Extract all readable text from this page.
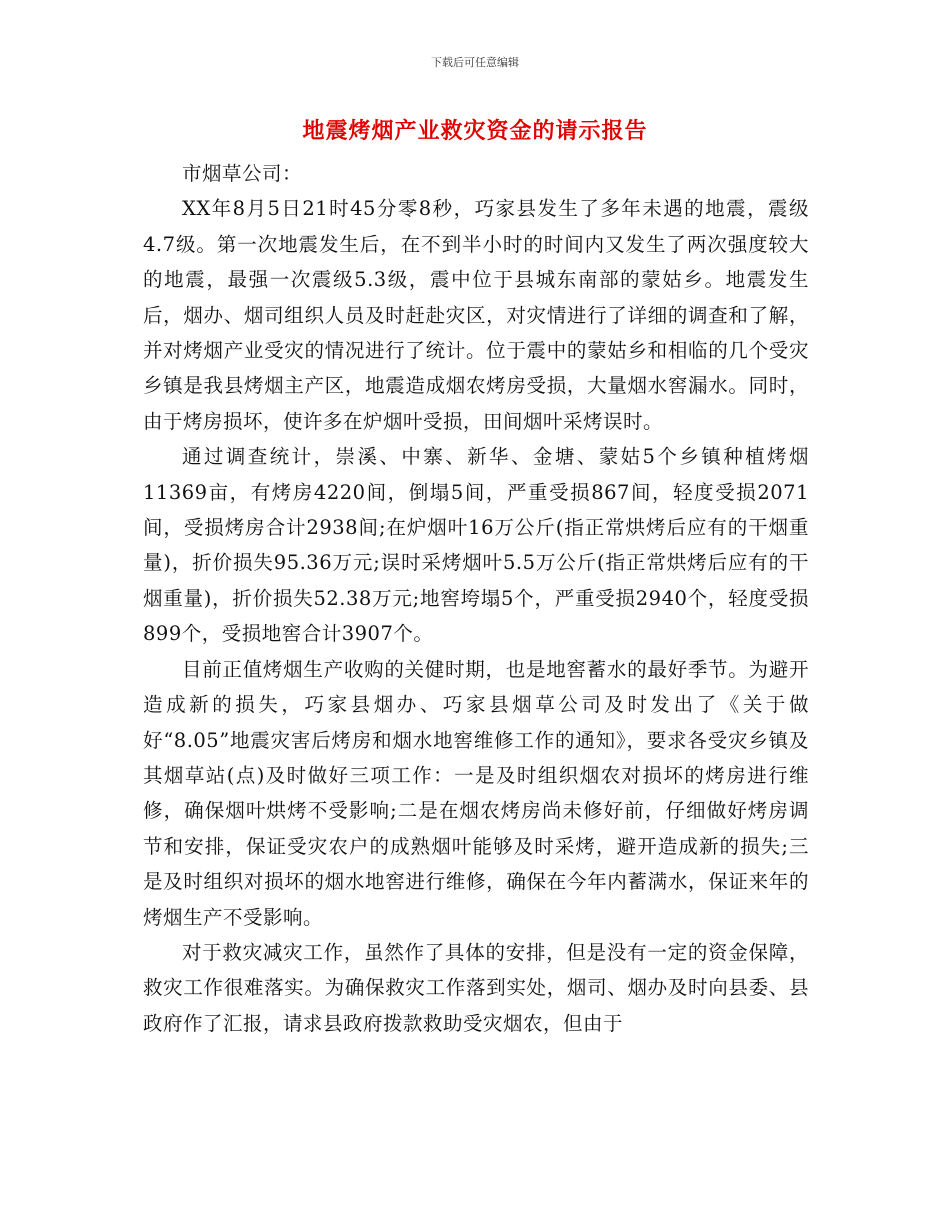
下载后可任意编辑
地震烤烟产业救灾资金的请示报告

市烟草公司：

XX年8月5日21时45分零8秒，巧家县发生了多年未遇的地震，震级4.7级。第一次地震发生后，在不到半小时的时间内又发生了两次强度较大的地震，最强一次震级5.3级，震中位于县城东南部的蒙姑乡。地震发生后，烟办、烟司组织人员及时赶赴灾区，对灾情进行了详细的调查和了解，并对烤烟产业受灾的情况进行了统计。位于震中的蒙姑乡和相临的几个受灾乡镇是我县烤烟主产区，地震造成烟农烤房受损，大量烟水窖漏水。同时，由于烤房损坏，使许多在炉烟叶受损，田间烟叶采烤误时。

通过调查统计，崇溪、中寨、新华、金塘、蒙姑5个乡镇种植烤烟11369亩，有烤房4220间，倒塌5间，严重受损867间，轻度受损2071间，受损烤房合计2938间;在炉烟叶16万公斤(指正常烘烤后应有的干烟重量)，折价损失95.36万元;误时采烤烟叶5.5万公斤(指正常烘烤后应有的干烟重量)，折价损失52.38万元;地窖垮塌5个，严重受损2940个，轻度受损899个，受损地窖合计3907个。

目前正值烤烟生产收购的关健时期，也是地窖蓄水的最好季节。为避开造成新的损失，巧家县烟办、巧家县烟草公司及时发出了《关于做好“8.05”地震灾害后烤房和烟水地窖维修工作的通知》，要求各受灾乡镇及其烟草站(点)及时做好三项工作：一是及时组织烟农对损坏的烤房进行维修，确保烟叶烘烤不受影响;二是在烟农烤房尚未修好前，仔细做好烤房调节和安排，保证受灾农户的成熟烟叶能够及时采烤，避开造成新的损失;三是及时组织对损坏的烟水地窖进行维修，确保在今年内蓄满水，保证来年的烤烟生产不受影响。

对于救灾减灾工作，虽然作了具体的安排，但是没有一定的资金保障，救灾工作很难落实。为确保救灾工作落到实处，烟司、烟办及时向县委、县政府作了汇报，请求县政府拨款救助受灾烟农，但由于
